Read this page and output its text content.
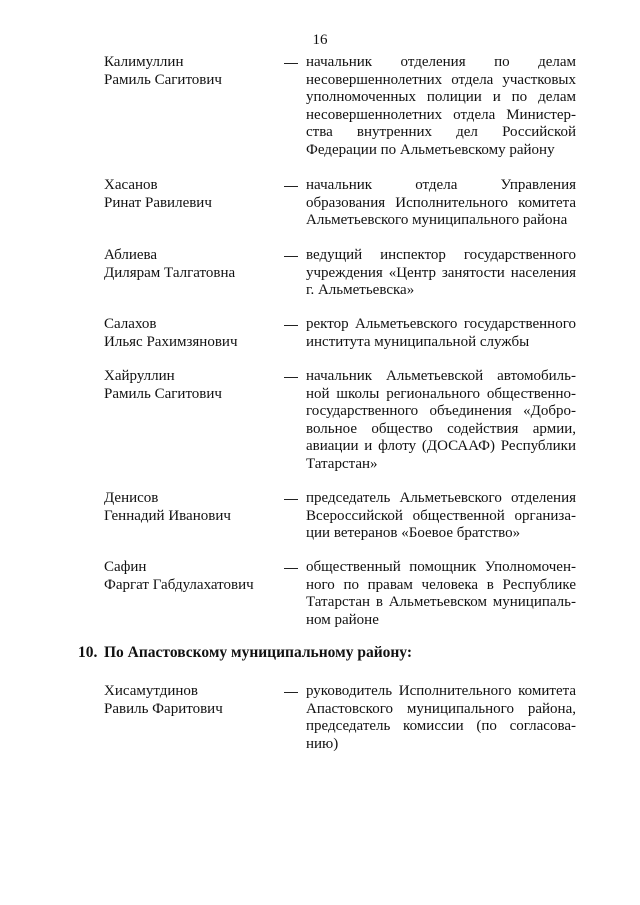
16
Калимуллин
Рамиль Сагитович
начальник отделения по делам
несовершеннолетних отдела участковых
уполномоченных полиции и по делам
несовершеннолетних отдела Министер-
ства внутренних дел Российской
Федерации по Альметьевскому району
Хасанов
Ринат Равилевич
начальник отдела Управления
образования Исполнительного комитета
Альметьевского муниципального района
Аблиева
Дилярам Талгатовна
ведущий инспектор государственного
учреждения «Центр занятости населения
г. Альметьевска»
Салахов
Ильяс Рахимзянович
ректор Альметьевского государственного
института муниципальной службы
Хайруллин
Рамиль Сагитович
начальник Альметьевской автомобиль-
ной школы регионального общественно-
государственного объединения «Добро-
вольное общество содействия армии,
авиации и флоту (ДОСААФ) Республики
Татарстан»
Денисов
Геннадий Иванович
председатель Альметьевского отделения
Всероссийской общественной организа-
ции ветеранов «Боевое братство»
Сафин
Фаргат Габдулахатович
общественный помощник Уполномочен-
ного по правам человека в Республике
Татарстан в Альметьевском муниципаль-
ном районе
10. По Апастовскому муниципальному району:
Хисамутдинов
Равиль Фаритович
руководитель Исполнительного комитета
Апастовского муниципального района,
председатель комиссии (по согласова-
нию)
